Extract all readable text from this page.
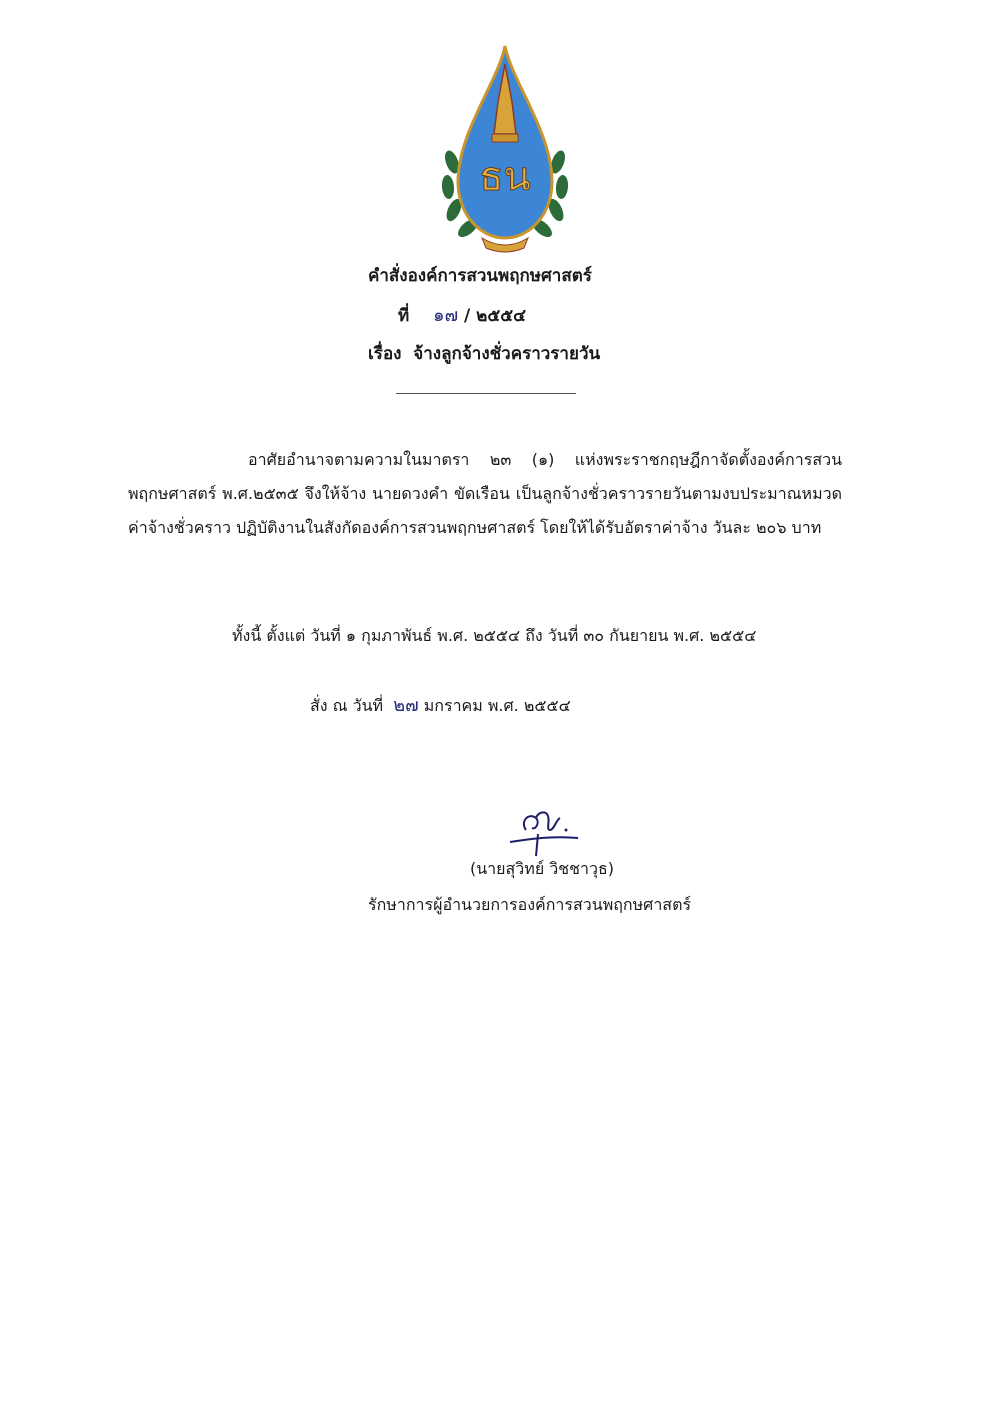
ธน
คำสั่งองค์การสวนพฤกษศาสตร์
ที่ ๑๗ / ๒๕๕๔
เรื่อง จ้างลูกจ้างชั่วคราวรายวัน
อาศัยอำนาจตามความในมาตรา ๒๓ (๑) แห่งพระราชกฤษฎีกาจัดตั้งองค์การสวนพฤกษศาสตร์ พ.ศ.๒๕๓๕ จึงให้จ้าง นายดวงคำ ขัดเรือน เป็นลูกจ้างชั่วคราวรายวันตามงบประมาณหมวดค่าจ้างชั่วคราว ปฏิบัติงานในสังกัดองค์การสวนพฤกษศาสตร์ โดยให้ได้รับอัตราค่าจ้าง วันละ ๒๐๖ บาท
ทั้งนี้ ตั้งแต่ วันที่ ๑ กุมภาพันธ์ พ.ศ. ๒๕๕๔ ถึง วันที่ ๓๐ กันยายน พ.ศ. ๒๕๕๔
สั่ง ณ วันที่ ๒๗ มกราคม พ.ศ. ๒๕๕๔
(นายสุวิทย์ วิชชาวุธ)
รักษาการผู้อำนวยการองค์การสวนพฤกษศาสตร์
